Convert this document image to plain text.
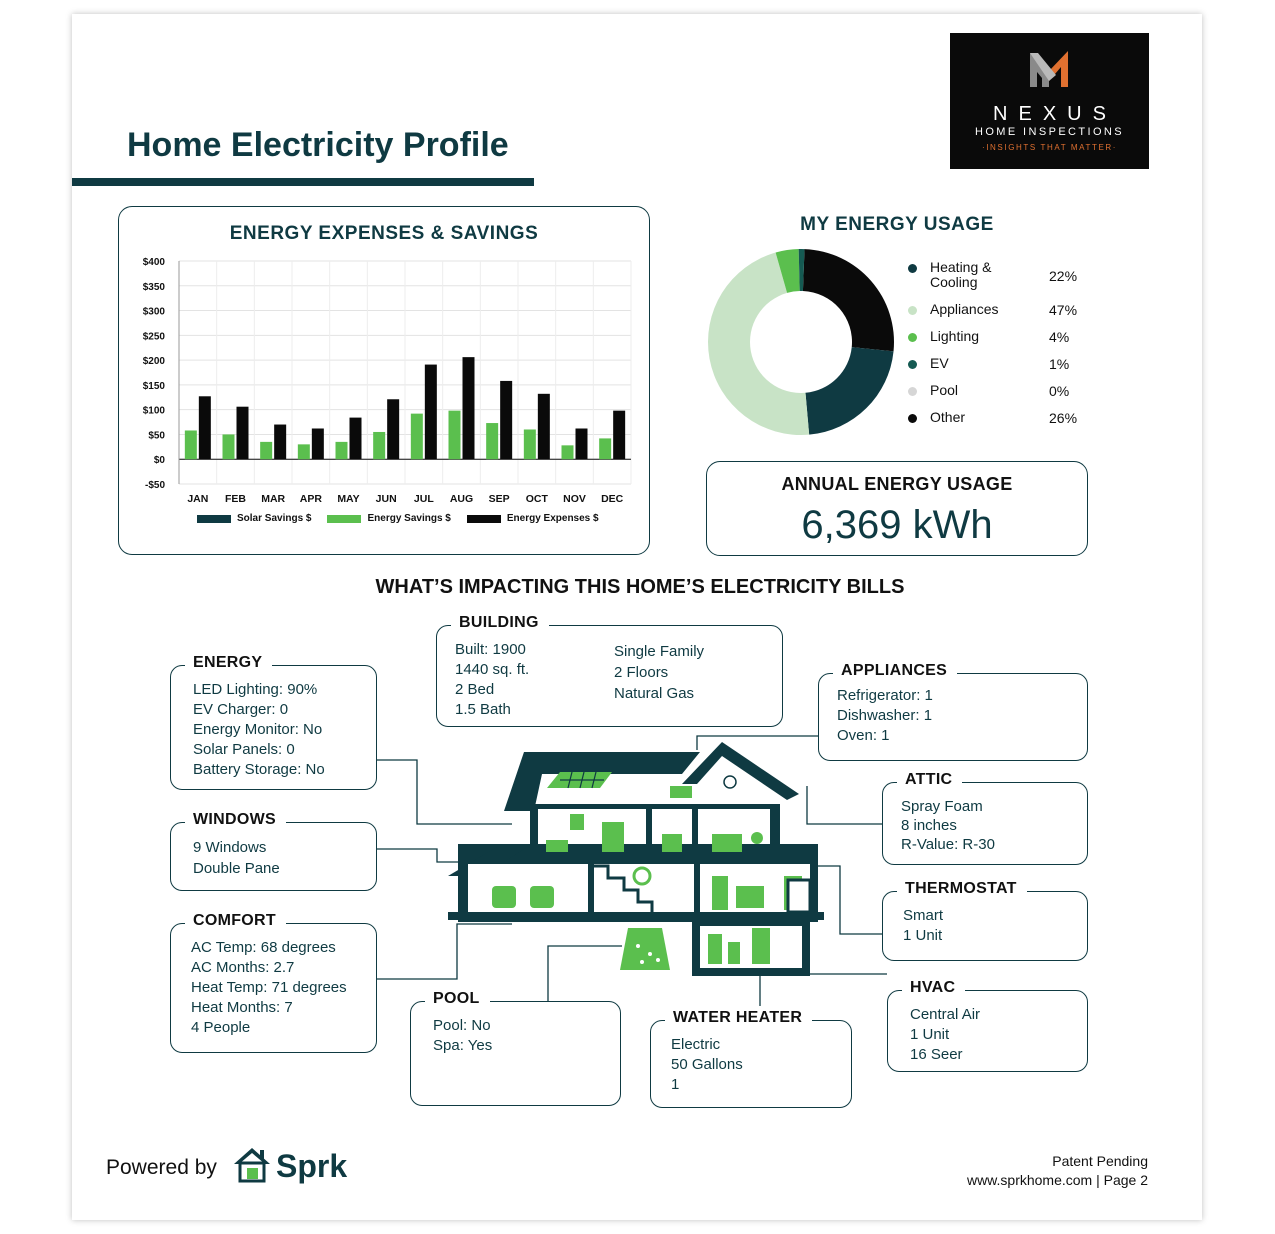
Home Electricity Profile
NEXUS
HOME INSPECTIONS
·INSIGHTS THAT MATTER·
ENERGY EXPENSES & SAVINGS
$400
$350
$300
$250
$200
$150
$100
$50
$0
-$50
JAN FEB MAR APR MAY JUN JUL AUG SEP OCT NOV DEC
Solar Savings $	Energy Savings $	Energy Expenses $
MY ENERGY USAGE
Heating & Cooling	22%
Appliances	47%
Lighting	4%
EV	1%
Pool	0%
Other	26%
ANNUAL ENERGY USAGE
6,369 kWh
WHAT’S IMPACTING THIS HOME’S ELECTRICITY BILLS
ENERGY
LED Lighting: 90%
EV Charger: 0
Energy Monitor: No
Solar Panels: 0
Battery Storage: No
BUILDING
Built: 1900
1440 sq. ft.
2 Bed
1.5 Bath
Single Family
2 Floors
Natural Gas
APPLIANCES
Refrigerator: 1
Dishwasher: 1
Oven: 1
WINDOWS
9 Windows
Double Pane
ATTIC
Spray Foam
8 inches
R-Value: R-30
COMFORT
AC Temp: 68 degrees
AC Months: 2.7
Heat Temp: 71 degrees
Heat Months: 7
4 People
THERMOSTAT
Smart
1 Unit
POOL
Pool: No
Spa: Yes
WATER HEATER
Electric
50 Gallons
1
HVAC
Central Air
1 Unit
16 Seer
Powered by Sprk	Patent Pending
www.sprkhome.com | Page 2
